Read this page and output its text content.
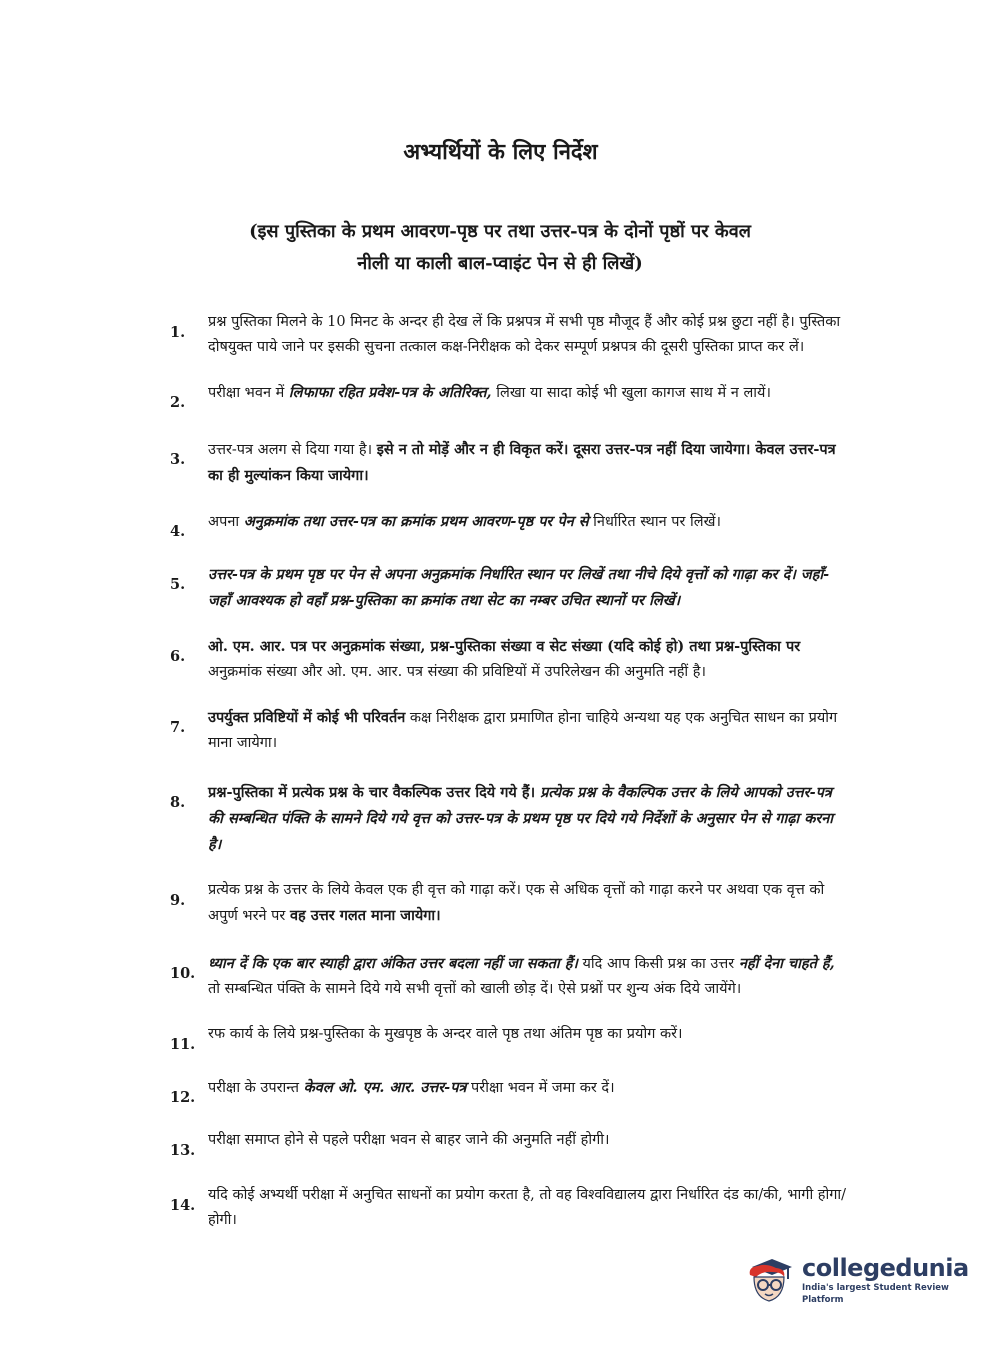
अभ्यर्थियों के लिए निर्देश
(इस पुस्तिका के प्रथम आवरण-पृष्ठ पर तथा उत्तर-पत्र के दोनों पृष्ठों पर केवल
नीली या काली बाल-प्वाइंट पेन से ही लिखें)
1.
प्रश्न पुस्तिका मिलने के 10 मिनट के अन्दर ही देख लें कि प्रश्नपत्र में सभी पृष्ठ मौजूद हैं और कोई प्रश्न छुटा नहीं है। पुस्तिका दोषयुक्त पाये जाने पर इसकी सुचना तत्काल कक्ष-निरीक्षक को देकर सम्पूर्ण प्रश्नपत्र की दूसरी पुस्तिका प्राप्त कर लें।
2.
परीक्षा भवन में लिफाफा रहित प्रवेश-पत्र के अतिरिक्त, लिखा या सादा कोई भी खुला कागज साथ में न लायें।
3.
उत्तर-पत्र अलग से दिया गया है। इसे न तो मोड़ें और न ही विकृत करें। दूसरा उत्तर-पत्र नहीं दिया जायेगा। केवल उत्तर-पत्र का ही मुल्यांकन किया जायेगा।
4.
अपना अनुक्रमांक तथा उत्तर-पत्र का क्रमांक प्रथम आवरण-पृष्ठ पर पेन से निर्धारित स्थान पर लिखें।
5.
उत्तर-पत्र के प्रथम पृष्ठ पर पेन से अपना अनुक्रमांक निर्धारित स्थान पर लिखें तथा नीचे दिये वृत्तों को गाढ़ा कर दें। जहाँ-जहाँ आवश्यक हो वहाँ प्रश्न-पुस्तिका का क्रमांक तथा सेट का नम्बर उचित स्थानों पर लिखें।
6.
ओ. एम. आर. पत्र पर अनुक्रमांक संख्या, प्रश्न-पुस्तिका संख्या व सेट संख्या (यदि कोई हो) तथा प्रश्न-पुस्तिका पर अनुक्रमांक संख्या और ओ. एम. आर. पत्र संख्या की प्रविष्टियों में उपरिलेखन की अनुमति नहीं है।
7.
उपर्युक्त प्रविष्टियों में कोई भी परिवर्तन कक्ष निरीक्षक द्वारा प्रमाणित होना चाहिये अन्यथा यह एक अनुचित साधन का प्रयोग माना जायेगा।
8.
प्रश्न-पुस्तिका में प्रत्येक प्रश्न के चार वैकल्पिक उत्तर दिये गये हैं। प्रत्येक प्रश्न के वैकल्पिक उत्तर के लिये आपको उत्तर-पत्र की सम्बन्धित पंक्ति के सामने दिये गये वृत्त को उत्तर-पत्र के प्रथम पृष्ठ पर दिये गये निर्देशों के अनुसार पेन से गाढ़ा करना है।
9.
प्रत्येक प्रश्न के उत्तर के लिये केवल एक ही वृत्त को गाढ़ा करें। एक से अधिक वृत्तों को गाढ़ा करने पर अथवा एक वृत्त को अपुर्ण भरने पर वह उत्तर गलत माना जायेगा।
10.
ध्यान दें कि एक बार स्याही द्वारा अंकित उत्तर बदला नहीं जा सकता हैं। यदि आप किसी प्रश्न का उत्तर नहीं देना चाहते हैं, तो सम्बन्धित पंक्ति के सामने दिये गये सभी वृत्तों को खाली छोड़ दें। ऐसे प्रश्नों पर शुन्य अंक दिये जायेंगे।
11.
रफ कार्य के लिये प्रश्न-पुस्तिका के मुखपृष्ठ के अन्दर वाले पृष्ठ तथा अंतिम पृष्ठ का प्रयोग करें।
12.
परीक्षा के उपरान्त केवल ओ. एम. आर. उत्तर-पत्र परीक्षा भवन में जमा कर दें।
13.
परीक्षा समाप्त होने से पहले परीक्षा भवन से बाहर जाने की अनुमति नहीं होगी।
14.
यदि कोई अभ्यर्थी परीक्षा में अनुचित साधनों का प्रयोग करता है, तो वह विश्वविद्यालय द्वारा निर्धारित दंड का/की, भागी होगा/होगी।
collegedunia
India's largest Student Review Platform
